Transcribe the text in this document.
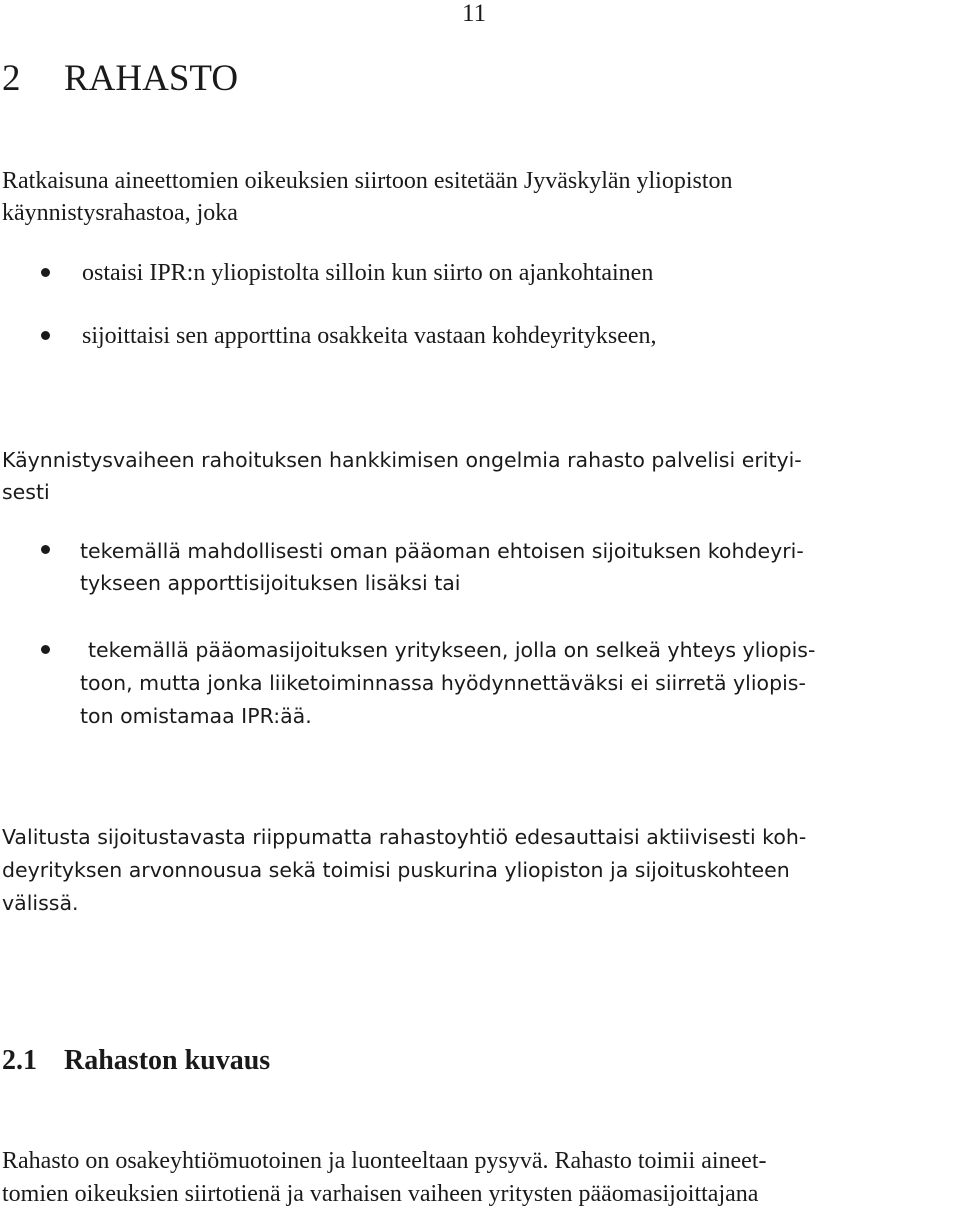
11
2 RAHASTO
Ratkaisuna aineettomien oikeuksien siirtoon esitetään Jyväskylän yliopiston
käynnistysrahastoa, joka
ostaisi IPR:n yliopistolta silloin kun siirto on ajankohtainen
sijoittaisi sen apporttina osakkeita vastaan kohdeyritykseen,
Käynnistysvaiheen rahoituksen hankkimisen ongelmia rahasto palvelisi erityi-
sesti
tekemällä mahdollisesti oman pääoman ehtoisen sijoituksen kohdeyri-
tykseen apporttisijoituksen lisäksi tai
tekemällä pääomasijoituksen yritykseen, jolla on selkeä yhteys yliopis-
toon, mutta jonka liiketoiminnassa hyödynnettäväksi ei siirretä yliopis-
ton omistamaa IPR:ää.
Valitusta sijoitustavasta riippumatta rahastoyhtiö edesauttaisi aktiivisesti koh-
deyrityksen arvonnousua sekä toimisi puskurina yliopiston ja sijoituskohteen
välissä.
2.1 Rahaston kuvaus
Rahasto on osakeyhtiömuotoinen ja luonteeltaan pysyvä. Rahasto toimii aineet-
tomien oikeuksien siirtotienä ja varhaisen vaiheen yritysten pääomasijoittajana
